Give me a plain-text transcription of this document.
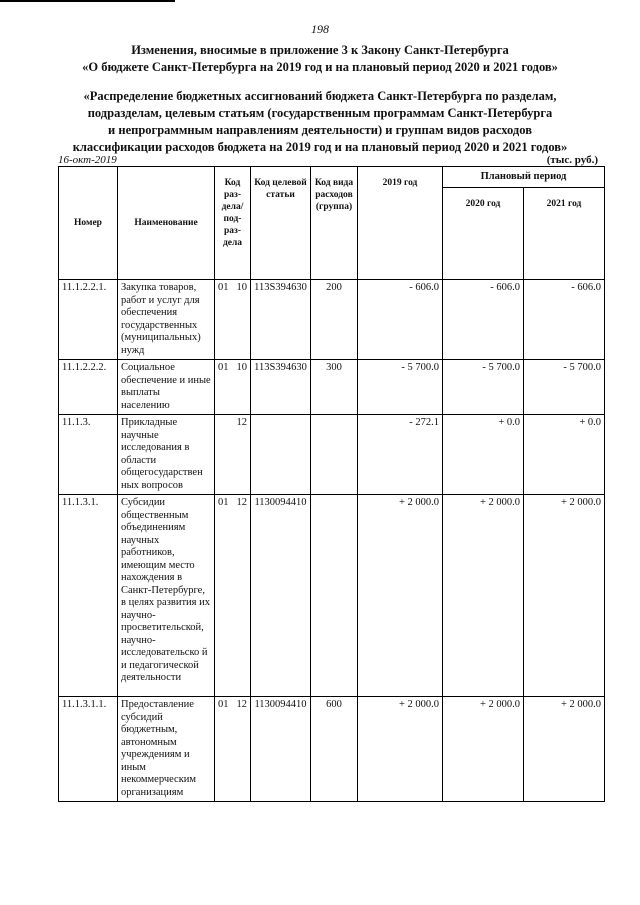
198
Изменения, вносимые в приложение 3 к Закону Санкт-Петербурга
«О бюджете Санкт-Петербурга на 2019 год и на плановый период 2020 и 2021 годов»
«Распределение бюджетных ассигнований бюджета Санкт-Петербурга по разделам,
подразделам, целевым статьям (государственным программам Санкт-Петербурга
и непрограммным направлениям деятельности) и группам видов расходов
классификации расходов бюджета на 2019 год и на плановый период 2020 и 2021 годов»
16-окт-2019	(тыс. руб.)
Номер	Наименование	Код раз-дела/ под-раз-дела	Код целевой статьи	Код вида расходов (группа)	2019 год	Плановый период	
						2020 год	2021 год
11.1.2.2.1.	Закупка товаров, работ и услуг для обеспечения государственных (муниципальных) нужд	01 10	113S394630	200	- 606.0	- 606.0	- 606.0
11.1.2.2.2.	Социальное обеспечение и иные выплаты населению	01 10	113S394630	300	- 5 700.0	- 5 700.0	- 5 700.0
11.1.3.	Прикладные научные исследования в области общегосударствен ных вопросов	12			- 272.1	+ 0.0	+ 0.0
11.1.3.1.	Субсидии общественным объединениям научных работников, имеющим место нахождения в Санкт-Петербурге, в целях развития их научно-просветительской, научно-исследовательско й и педагогической деятельности	01 12	1130094410		+ 2 000.0	+ 2 000.0	+ 2 000.0
11.1.3.1.1.	Предоставление субсидий бюджетным, автономным учреждениям и иным некоммерческим организациям	01 12	1130094410	600	+ 2 000.0	+ 2 000.0	+ 2 000.0
